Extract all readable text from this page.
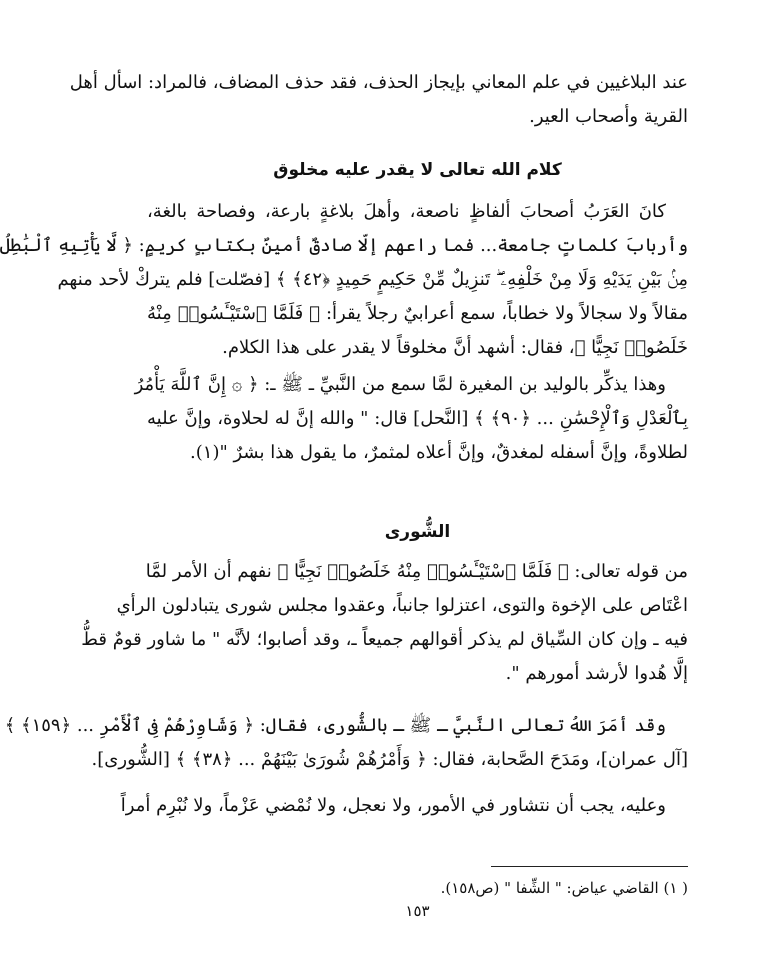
عند البلاغيين في علم المعاني بإيجاز الحذف، فقد حذف المضاف، فالمراد: اسأل أهل
القرية وأصحاب العير.
كلام الله تعالى لا يقدر عليه مخلوق
كانَ العَرَبُ أصحابَ ألفاظٍ ناصعة، وأهلَ بلاغةٍ بارعة، وفصاحة بالغة،
وأربابَ كلماتٍ جامعة... فما راعهم إلّا صادقٌ أمينٌ بكتابٍ كريمٍ: ﴿ لَّا يَأْتِيهِ ٱلْبَٰطِلُ
مِنۢ بَيْنِ يَدَيْهِ وَلَا مِنْ خَلْفِهِۦ ۖ تَنزِيلٌ مِّنْ حَكِيمٍ حَمِيدٍ ﴿٤٢﴾ ﴾ [فصّلت] فلم يتركْ لأحد منهم
مقالاً ولا سجالاً ولا خطاباً، سمع أعرابيٌ رجلاً يقرأ: ﴿ فَلَمَّا ٱسْتَيْـَٔسُوا۟ مِنْهُ
خَلَصُوا۟ نَجِيًّا ﴾، فقال: أشهد أنَّ مخلوقاً لا يقدر على هذا الكلام.
وهذا يذكِّر بالوليد بن المغيرة لمَّا سمع من النَّبيِّ ـ ﷺ ـ: ﴿ ۞ إِنَّ ٱللَّهَ يَأْمُرُ
بِٱلْعَدْلِ وَٱلْإِحْسَٰنِ ... ﴿٩٠﴾ ﴾ [النَّحل] قال: " والله إنَّ له لحلاوة، وإنَّ عليه
لطلاوةً، وإنَّ أسفله لمغدقٌ، وإنَّ أعلاه لمثمرٌ، ما يقول هذا بشرٌ "(١).
الشُّورى
من قوله تعالى: ﴿ فَلَمَّا ٱسْتَيْـَٔسُوا۟ مِنْهُ خَلَصُوا۟ نَجِيًّا ﴾ نفهم أن الأمر لمَّا
اعْتَاص على الإخوة والتوى، اعتزلوا جانباً، وعقدوا مجلس شورى يتبادلون الرأي
فيه ـ وإن كان السِّياق لم يذكر أقوالهم جميعاً ـ، وقد أصابوا؛ لأنَّه " ما شاور قومٌ قطُّ
إلَّا هُدوا لأرشد أمورهم ".
وقد أمَرَ اللهُ تعالى النَّبيَّ ـ ﷺ ـ بالشُّورى، فقال: ﴿ وَشَاوِرْهُمْ فِى ٱلْأَمْرِ ... ﴿١٥٩﴾ ﴾
[آل عمران]، ومَدَحَ الصَّحابة، فقال: ﴿ وَأَمْرُهُمْ شُورَىٰ بَيْنَهُمْ ... ﴿٣٨﴾ ﴾ [الشُّورى].
وعليه، يجب أن نتشاور في الأمور، ولا نعجل، ولا نُمْضي عَزْماً، ولا نُبْرِم أمراً
( ١) القاضي عياض: " الشِّفا " (ص١٥٨).
١٥٣
